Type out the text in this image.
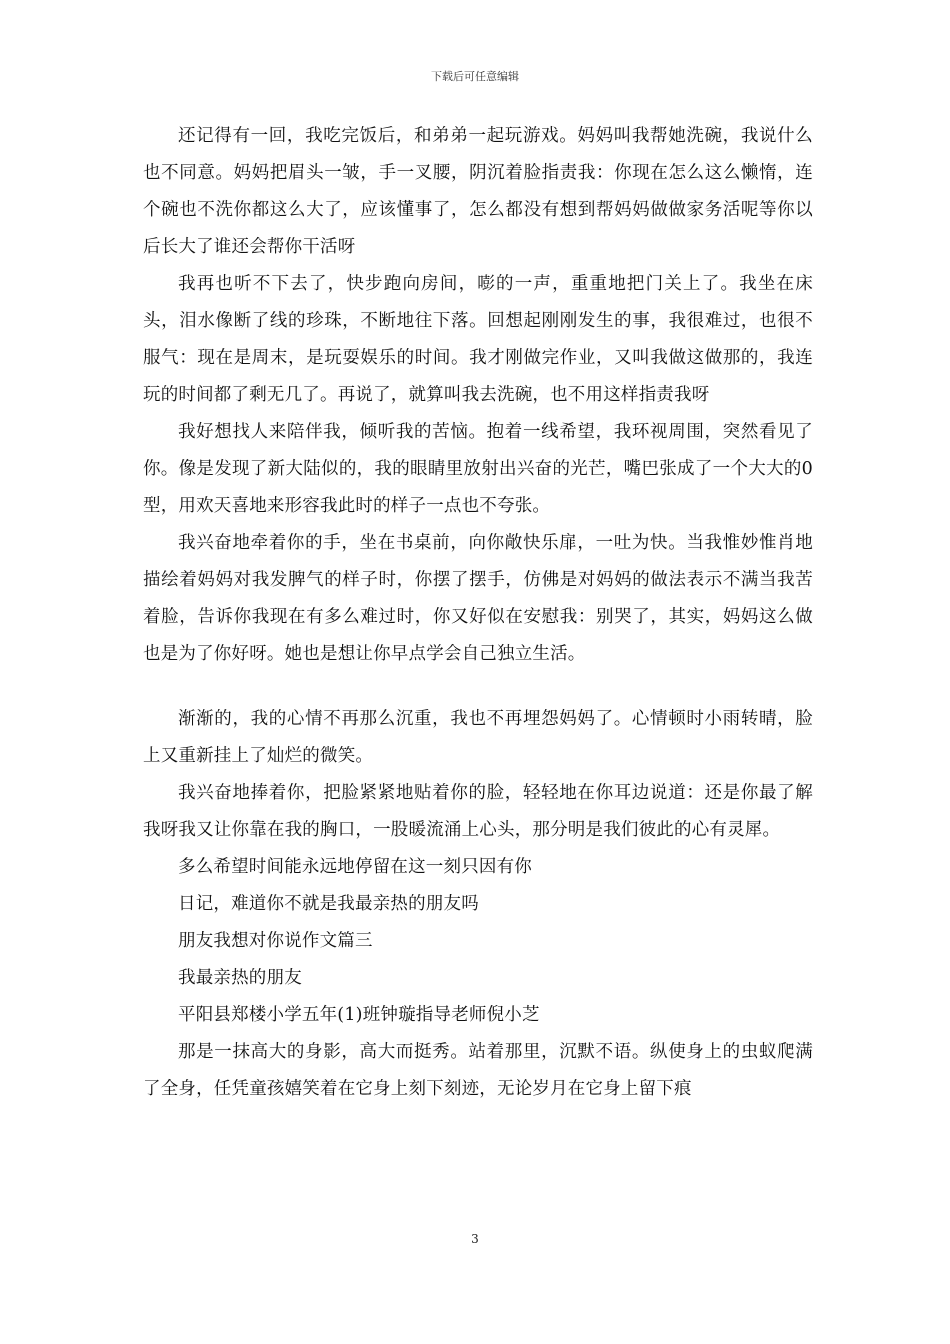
下载后可任意编辑

还记得有一回，我吃完饭后，和弟弟一起玩游戏。妈妈叫我帮她洗碗，我说什么也不同意。妈妈把眉头一皱，手一叉腰，阴沉着脸指责我：你现在怎么这么懒惰，连个碗也不洗你都这么大了，应该懂事了，怎么都没有想到帮妈妈做做家务活呢等你以后长大了谁还会帮你干活呀

我再也听不下去了，快步跑向房间，嘭的一声，重重地把门关上了。我坐在床头，泪水像断了线的珍珠，不断地往下落。回想起刚刚发生的事，我很难过，也很不服气：现在是周末，是玩耍娱乐的时间。我才刚做完作业，又叫我做这做那的，我连玩的时间都了剩无几了。再说了，就算叫我去洗碗，也不用这样指责我呀

我好想找人来陪伴我，倾听我的苦恼。抱着一线希望，我环视周围，突然看见了你。像是发现了新大陆似的，我的眼睛里放射出兴奋的光芒，嘴巴张成了一个大大的0型，用欢天喜地来形容我此时的样子一点也不夸张。

我兴奋地牵着你的手，坐在书桌前，向你敞快乐扉，一吐为快。当我惟妙惟肖地描绘着妈妈对我发脾气的样子时，你摆了摆手，仿佛是对妈妈的做法表示不满当我苦着脸，告诉你我现在有多么难过时，你又好似在安慰我：别哭了，其实，妈妈这么做也是为了你好呀。她也是想让你早点学会自己独立生活。

渐渐的，我的心情不再那么沉重，我也不再埋怨妈妈了。心情顿时小雨转晴，脸上又重新挂上了灿烂的微笑。

我兴奋地捧着你，把脸紧紧地贴着你的脸，轻轻地在你耳边说道：还是你最了解我呀我又让你靠在我的胸口，一股暖流涌上心头，那分明是我们彼此的心有灵犀。

多么希望时间能永远地停留在这一刻只因有你

日记，难道你不就是我最亲热的朋友吗

朋友我想对你说作文篇三

我最亲热的朋友

平阳县郑楼小学五年(1)班钟璇指导老师倪小芝

那是一抹高大的身影，高大而挺秀。站着那里，沉默不语。纵使身上的虫蚁爬满了全身，任凭童孩嬉笑着在它身上刻下刻迹，无论岁月在它身上留下痕

3
